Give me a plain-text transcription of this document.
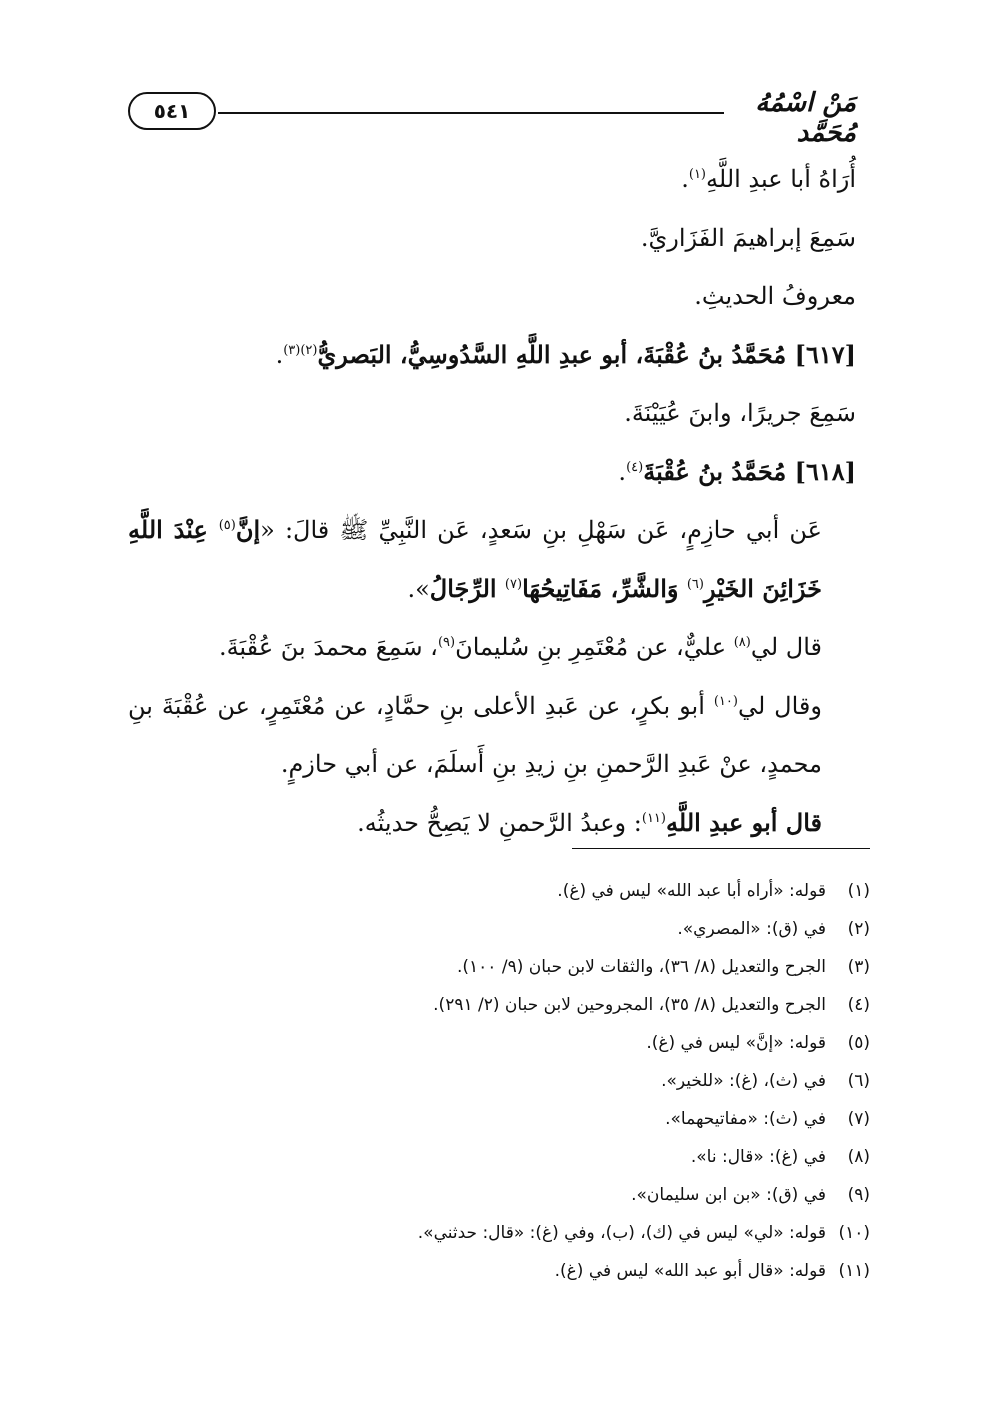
٥٤١	مَنْ اسْمُهُ مُحَمَّد

أُرَاهُ أبا عبدِ اللَّهِ$^{(١)}$.

سَمِعَ إبراهيمَ الفَزَاريَّ.

معروفُ الحديثِ.

[٦١٧] مُحَمَّدُ بنُ عُقْبَةَ، أبو عبدِ اللَّهِ السَّدُوسِيُّ، البَصريُّ$^{(٢)(٣)}$.

سَمِعَ جريرًا، وابنَ عُيَيْنَةَ.

[٦١٨] مُحَمَّدُ بنُ عُقْبَةَ$^{(٤)}$.

عَن أبي حازِمٍ، عَن سَهْلِ بنِ سَعدٍ، عَن النَّبِيِّ ﷺ قالَ: «إنَّ$^{(٥)}$ عِنْدَ اللَّهِ خَزَائِنَ الخَيْرِ$^{(٦)}$ وَالشَّرِّ، مَفَاتِيحُهَا$^{(٧)}$ الرِّجَالُ».

قال لي$^{(٨)}$ عليٌّ، عن مُعْتَمِرِ بنِ سُليمانَ$^{(٩)}$، سَمِعَ محمدَ بنَ عُقْبَةَ.

وقال لي$^{(١٠)}$ أبو بكرٍ، عن عَبدِ الأعلى بنِ حمَّادٍ، عن مُعْتَمِرٍ، عن عُقْبَةَ بنِ محمدٍ، عنْ عَبدِ الرَّحمنِ بنِ زيدِ بنِ أَسلَمَ، عن أبي حازمٍ.

قال أبو عبدِ اللَّهِ$^{(١١)}$: وعبدُ الرَّحمنِ لا يَصِحُّ حديثُه.

(١)
قوله: «أراه أبا عبد الله» ليس في (غ).
(٢)
في (ق): «المصري».
(٣)
الجرح والتعديل (٨/ ٣٦)، والثقات لابن حبان (٩/ ١٠٠).
(٤)
الجرح والتعديل (٨/ ٣٥)، المجروحين لابن حبان (٢/ ٢٩١).
(٥)
قوله: «إنَّ» ليس في (غ).
(٦)
في (ث)، (غ): «للخير».
(٧)
في (ث): «مفاتيحهما».
(٨)
في (غ): «قال: نا».
(٩)
في (ق): «بن ابن سليمان».
(١٠)
قوله: «لي» ليس في (ك)، (ب)، وفي (غ): «قال: حدثني».
(١١)
قوله: «قال أبو عبد الله» ليس في (غ).
